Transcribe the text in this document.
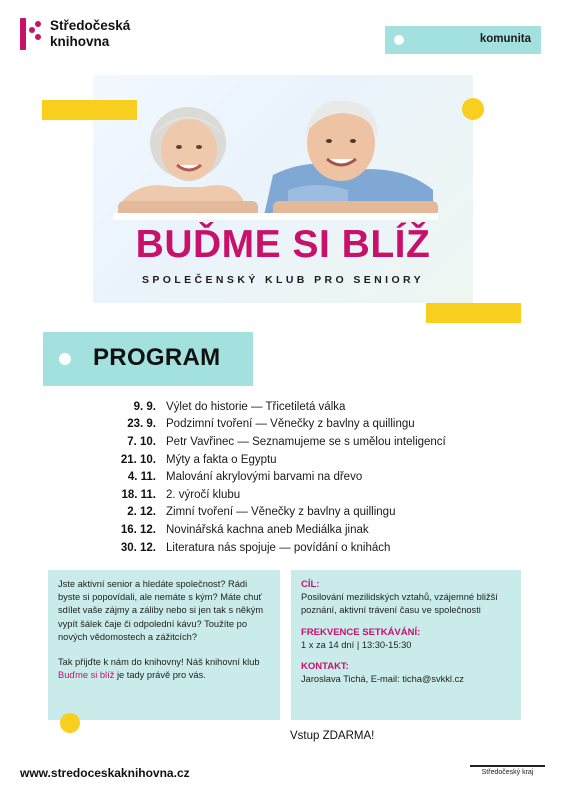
Středočeská
knihovna	komunita
BUĎME SI BLÍŽ
SPOLEČENSKÝ KLUB PRO SENIORY
PROGRAM
9. 9. Výlet do historie — Třicetiletá válka
23. 9. Podzimní tvoření — Věnečky z bavlny a quillingu
7. 10. Petr Vavřinec — Seznamujeme se s umělou inteligencí
21. 10. Mýty a fakta o Egyptu
4. 11. Malování akrylovými barvami na dřevo
18. 11. 2. výročí klubu
2. 12. Zimní tvoření — Věnečky z bavlny a quillingu
16. 12. Novinářská kachna aneb Mediálka jinak
30. 12. Literatura nás spojuje — povídání o knihách

Jste aktivní senior a hledáte společnost? Rádi byste si popovídali, ale nemáte s kým? Máte chuť sdílet vaše zájmy a záliby nebo si jen tak s někým vypít šálek čaje či odpolední kávu? Toužíte po nových vědomostech a zážitcích?

Tak přijďte k nám do knihovny! Náš knihovní klub Buďme si blíž je tady právě pro vás.

CÍL:
Posilování mezilidských vztahů, vzájemné bližší poznání, aktivní trávení času ve společnosti
FREKVENCE SETKÁVÁNÍ:
1 x za 14 dní | 13:30-15:30
KONTAKT:
Jaroslava Tichá, E-mail: ticha@svkkl.cz
Vstup ZDARMA!
www.stredoceskaknihovna.cz	Středočeský kraj
